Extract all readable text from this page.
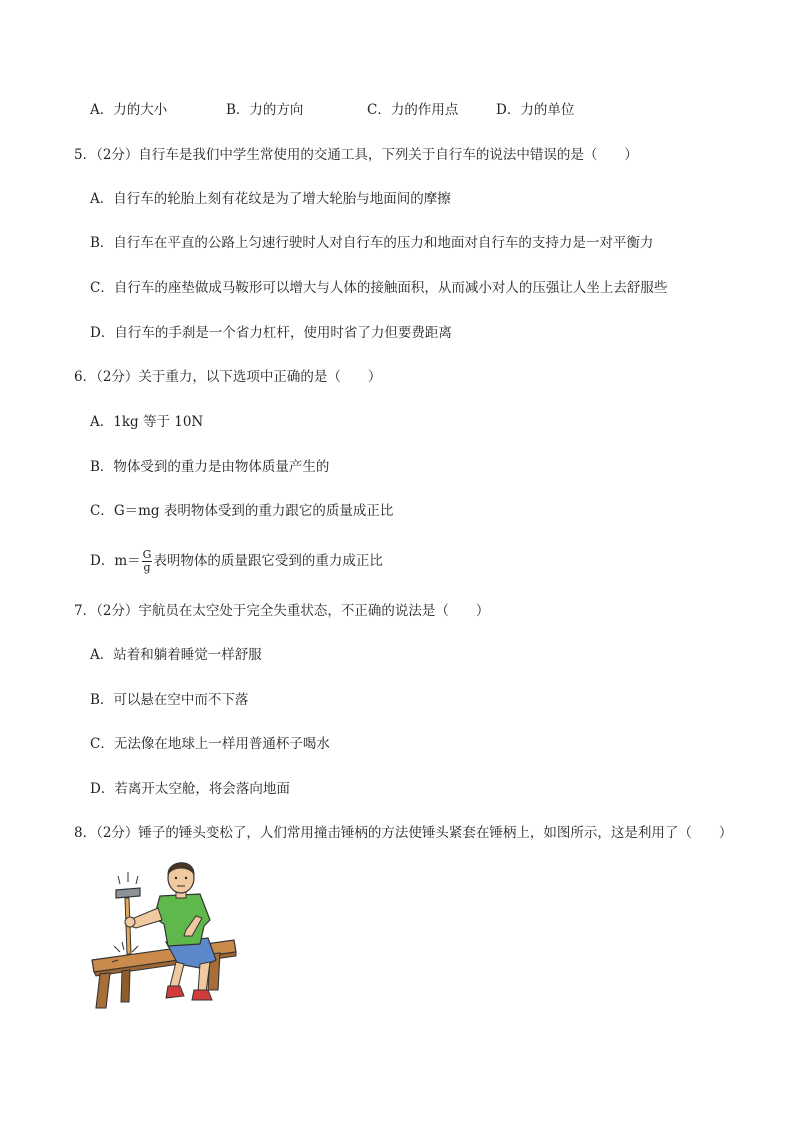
A．力的大小	B．力的方向	C．力的作用点	D．力的单位
5．（2分）自行车是我们中学生常使用的交通工具，下列关于自行车的说法中错误的是（　　）
A．自行车的轮胎上刻有花纹是为了增大轮胎与地面间的摩擦
B．自行车在平直的公路上匀速行驶时人对自行车的压力和地面对自行车的支持力是一对平衡力
C．自行车的座垫做成马鞍形可以增大与人体的接触面积，从而减小对人的压强让人坐上去舒服些
D．自行车的手刹是一个省力杠杆，使用时省了力但要费距离
6．（2分）关于重力，以下选项中正确的是（　　）
A．1kg 等于 10N
B．物体受到的重力是由物体质量产生的
C．G＝mg 表明物体受到的重力跟它的质量成正比
D．$m= \frac{G}{g}$ 表明物体的质量跟它受到的重力成正比
7．（2分）宇航员在太空处于完全失重状态，不正确的说法是（　　）
A．站着和躺着睡觉一样舒服
B．可以悬在空中而不下落
C．无法像在地球上一样用普通杯子喝水
D．若离开太空舱，将会落向地面
8．（2分）锤子的锤头变松了，人们常用撞击锤柄的方法使锤头紧套在锤柄上，如图所示，这是利用了（　　）
